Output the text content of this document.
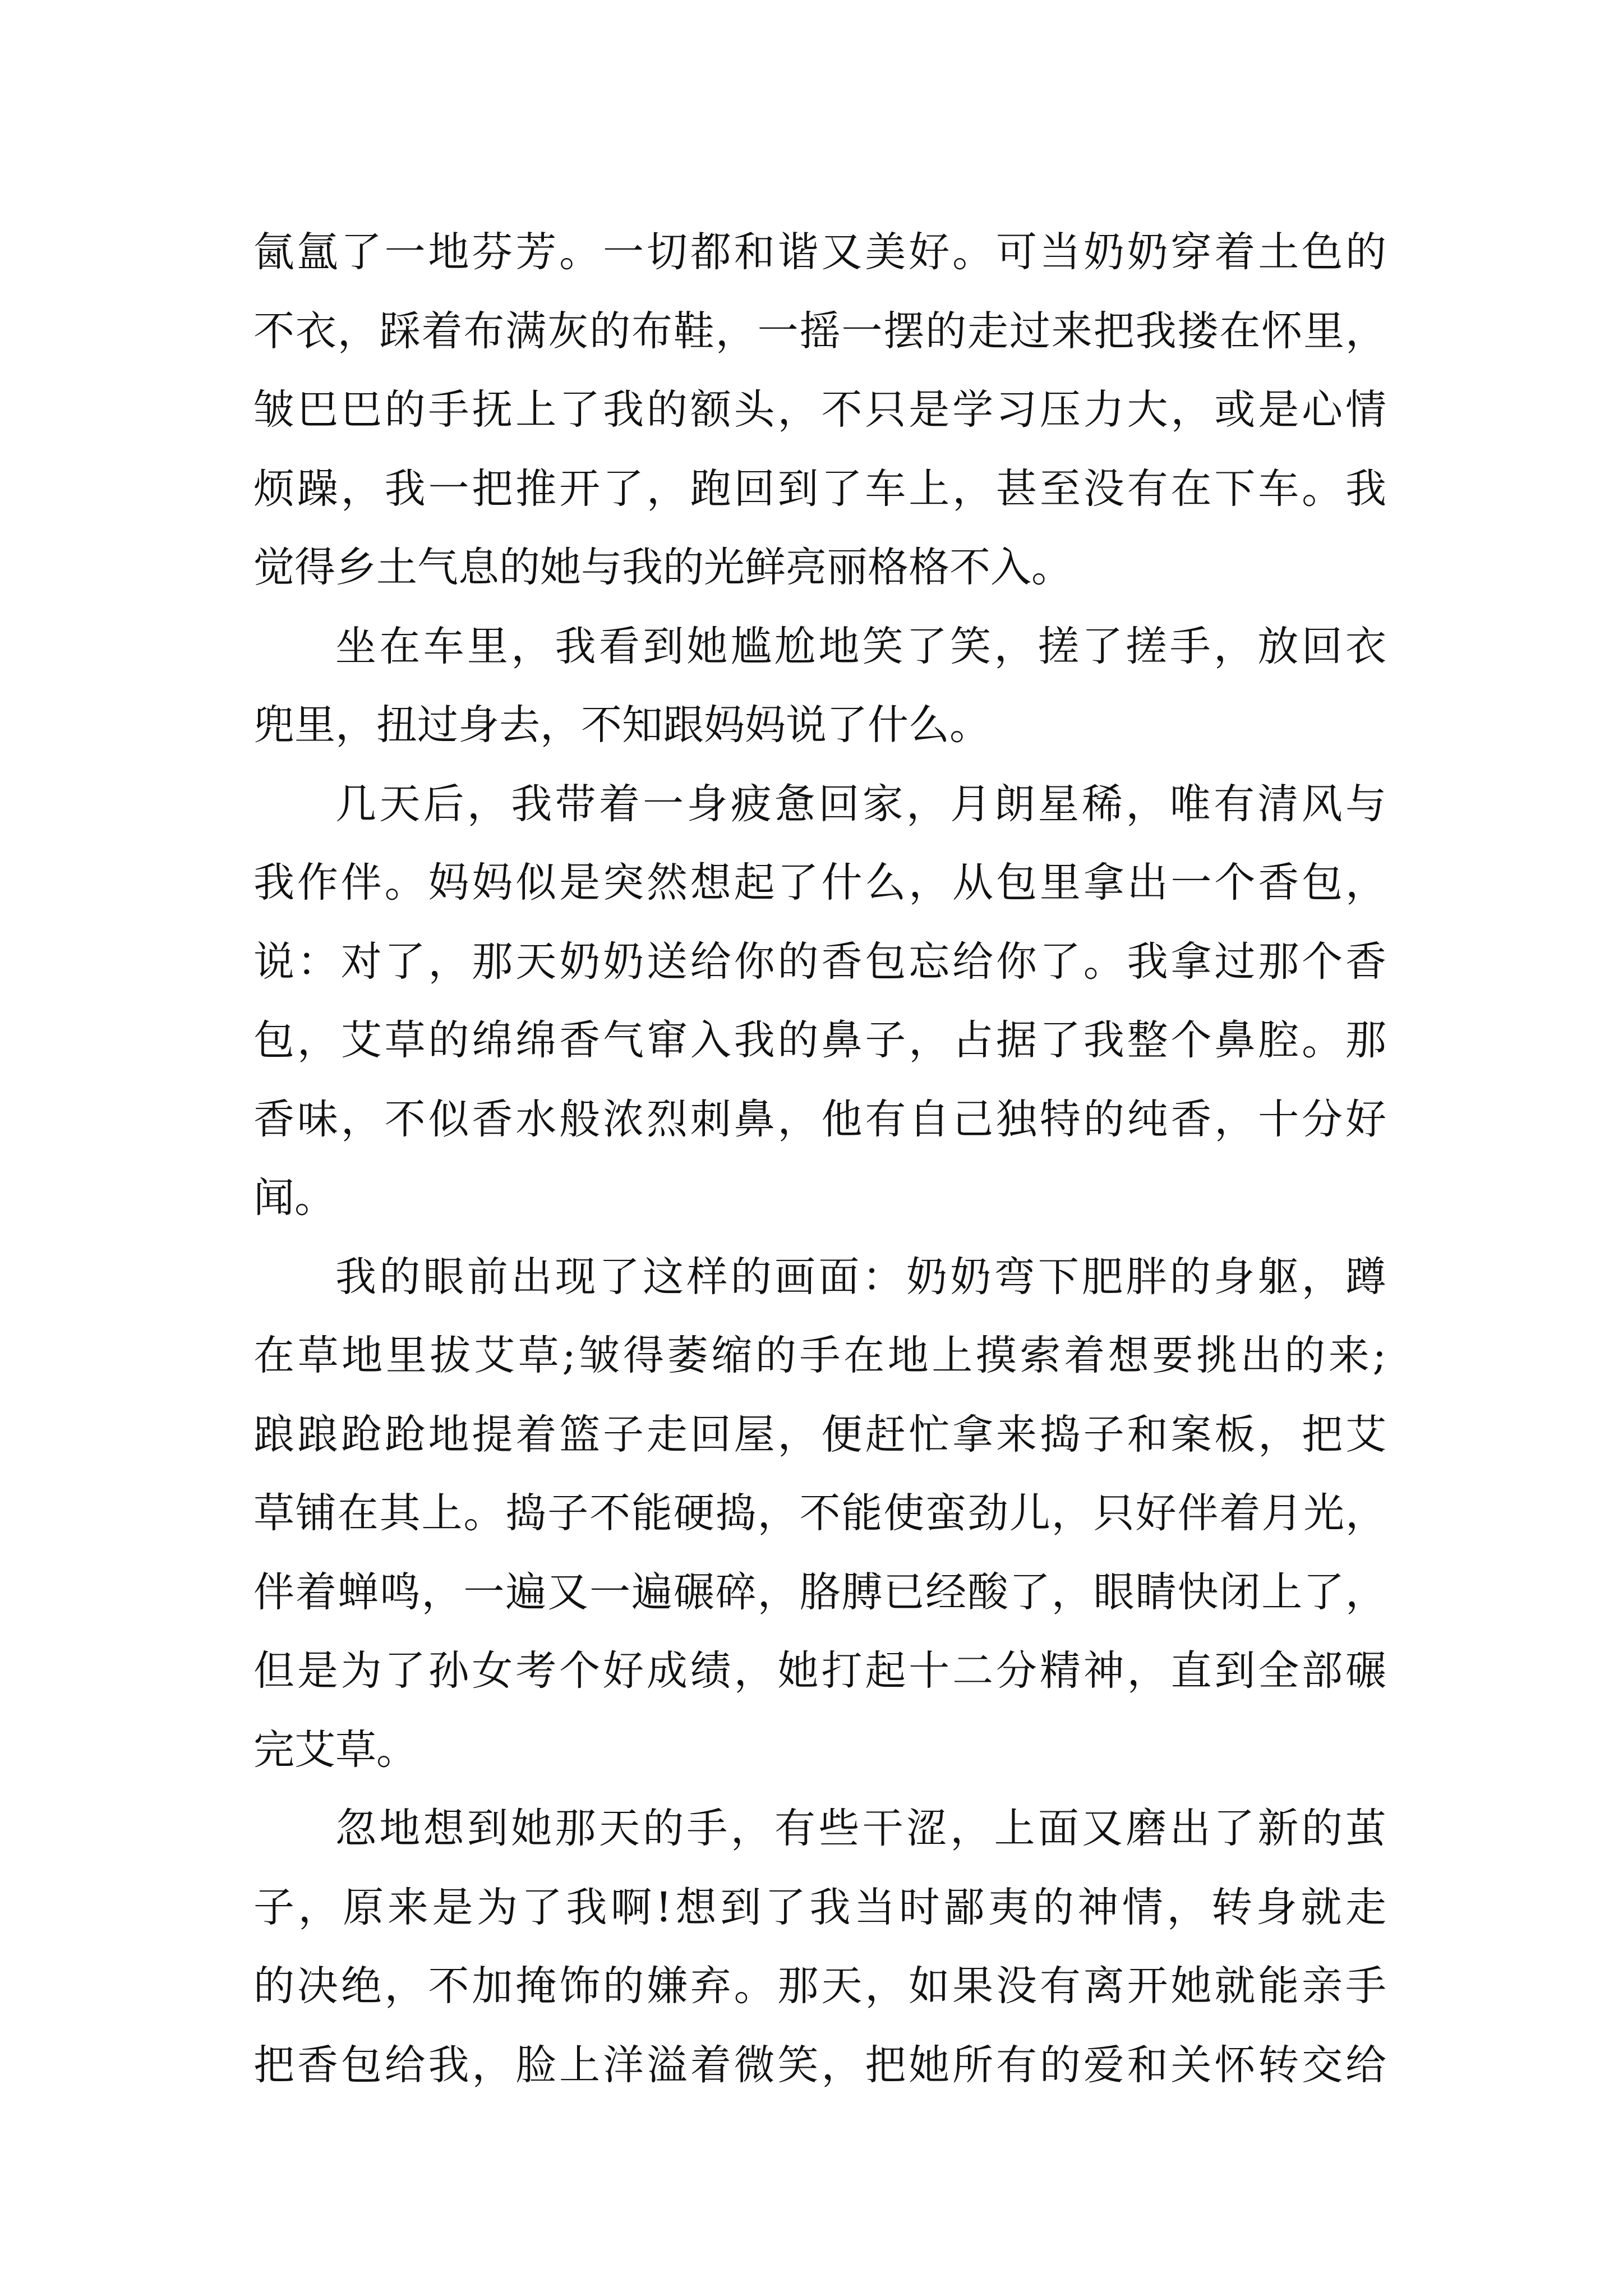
氤氲了一地芬芳。一切都和谐又美好。可当奶奶穿着土色的
不衣，踩着布满灰的布鞋，一摇一摆的走过来把我搂在怀里，
皱巴巴的手抚上了我的额头，不只是学习压力大，或是心情
烦躁，我一把推开了，跑回到了车上，甚至没有在下车。我
觉得乡土气息的她与我的光鲜亮丽格格不入。
坐在车里，我看到她尴尬地笑了笑，搓了搓手，放回衣
兜里，扭过身去，不知跟妈妈说了什么。
几天后，我带着一身疲惫回家，月朗星稀，唯有清风与
我作伴。妈妈似是突然想起了什么，从包里拿出一个香包，
说：对了，那天奶奶送给你的香包忘给你了。我拿过那个香
包，艾草的绵绵香气窜入我的鼻子，占据了我整个鼻腔。那
香味，不似香水般浓烈刺鼻，他有自己独特的纯香，十分好
闻。
我的眼前出现了这样的画面：奶奶弯下肥胖的身躯，蹲
在草地里拔艾草;皱得萎缩的手在地上摸索着想要挑出的来;
踉踉跄跄地提着篮子走回屋，便赶忙拿来捣子和案板，把艾
草铺在其上。捣子不能硬捣，不能使蛮劲儿，只好伴着月光，
伴着蝉鸣，一遍又一遍碾碎，胳膊已经酸了，眼睛快闭上了，
但是为了孙女考个好成绩，她打起十二分精神，直到全部碾
完艾草。
忽地想到她那天的手，有些干涩，上面又磨出了新的茧
子，原来是为了我啊!想到了我当时鄙夷的神情，转身就走
的决绝，不加掩饰的嫌弃。那天，如果没有离开她就能亲手
把香包给我，脸上洋溢着微笑，把她所有的爱和关怀转交给
